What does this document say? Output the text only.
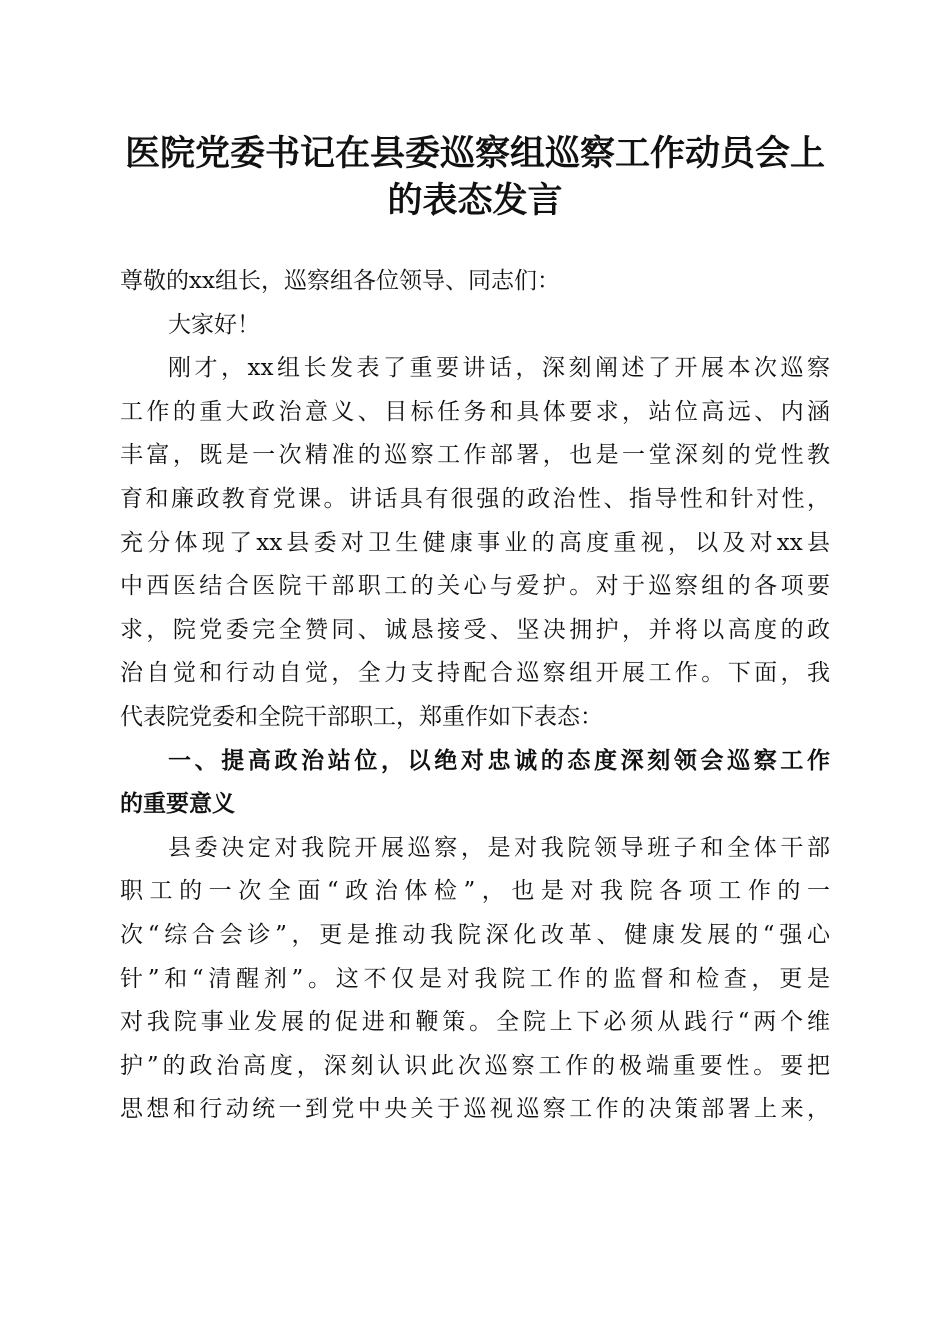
医院党委书记在县委巡察组巡察工作动员会上
的表态发言
尊敬的xx组长，巡察组各位领导、同志们：
大家好！
刚才，xx组长发表了重要讲话，深刻阐述了开展本次巡察
工作的重大政治意义、目标任务和具体要求，站位高远、内涵
丰富，既是一次精准的巡察工作部署，也是一堂深刻的党性教
育和廉政教育党课。讲话具有很强的政治性、指导性和针对性，
充分体现了xx县委对卫生健康事业的高度重视，以及对xx县
中西医结合医院干部职工的关心与爱护。对于巡察组的各项要
求，院党委完全赞同、诚恳接受、坚决拥护，并将以高度的政
治自觉和行动自觉，全力支持配合巡察组开展工作。下面，我
代表院党委和全院干部职工，郑重作如下表态：
一、提高政治站位，以绝对忠诚的态度深刻领会巡察工作
的重要意义
县委决定对我院开展巡察，是对我院领导班子和全体干部
职工的一次全面“政治体检”，也是对我院各项工作的一
次“综合会诊”，更是推动我院深化改革、健康发展的“强心
针”和“清醒剂”。这不仅是对我院工作的监督和检查，更是
对我院事业发展的促进和鞭策。全院上下必须从践行“两个维
护”的政治高度，深刻认识此次巡察工作的极端重要性。要把
思想和行动统一到党中央关于巡视巡察工作的决策部署上来，
